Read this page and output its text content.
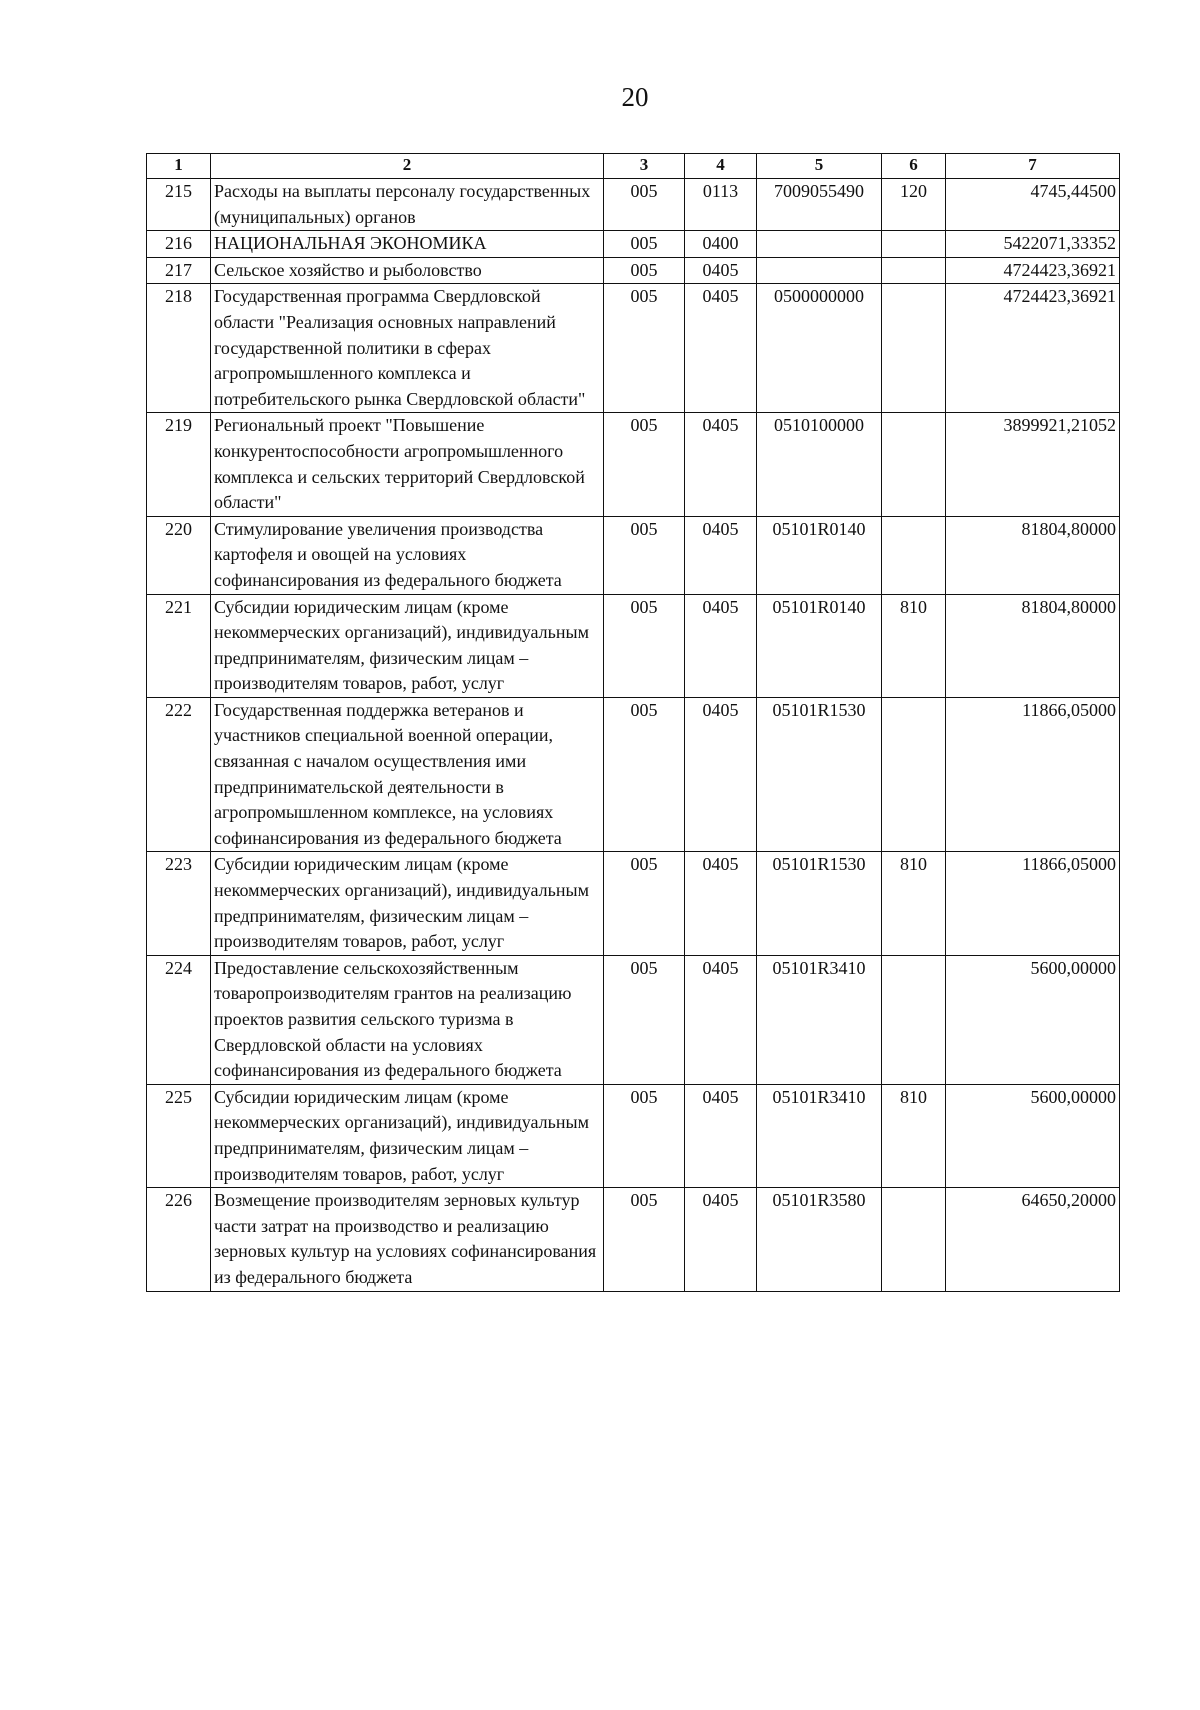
20
1	2	3	4	5	6	7
215	Расходы на выплаты персоналу государственных (муниципальных) органов	005	0113	7009055490	120	4745,44500
216	НАЦИОНАЛЬНАЯ ЭКОНОМИКА	005	0400			5422071,33352
217	Сельское хозяйство и рыболовство	005	0405			4724423,36921
218	Государственная программа Свердловской области "Реализация основных направлений государственной политики в сферах агропромышленного комплекса и потребительского рынка Свердловской области"	005	0405	0500000000		4724423,36921
219	Региональный проект "Повышение конкурентоспособности агропромышленного комплекса и сельских территорий Свердловской области"	005	0405	0510100000		3899921,21052
220	Стимулирование увеличения производства картофеля и овощей на условиях софинансирования из федерального бюджета	005	0405	05101R0140		81804,80000
221	Субсидии юридическим лицам (кроме некоммерческих организаций), индивидуальным предпринимателям, физическим лицам – производителям товаров, работ, услуг	005	0405	05101R0140	810	81804,80000
222	Государственная поддержка ветеранов и участников специальной военной операции, связанная с началом осуществления ими предпринимательской деятельности в агропромышленном комплексе, на условиях софинансирования из федерального бюджета	005	0405	05101R1530		11866,05000
223	Субсидии юридическим лицам (кроме некоммерческих организаций), индивидуальным предпринимателям, физическим лицам – производителям товаров, работ, услуг	005	0405	05101R1530	810	11866,05000
224	Предоставление сельскохозяйственным товаропроизводителям грантов на реализацию проектов развития сельского туризма в Свердловской области на условиях софинансирования из федерального бюджета	005	0405	05101R3410		5600,00000
225	Субсидии юридическим лицам (кроме некоммерческих организаций), индивидуальным предпринимателям, физическим лицам – производителям товаров, работ, услуг	005	0405	05101R3410	810	5600,00000
226	Возмещение производителям зерновых культур части затрат на производство и реализацию зерновых культур на условиях софинансирования из федерального бюджета	005	0405	05101R3580		64650,20000
